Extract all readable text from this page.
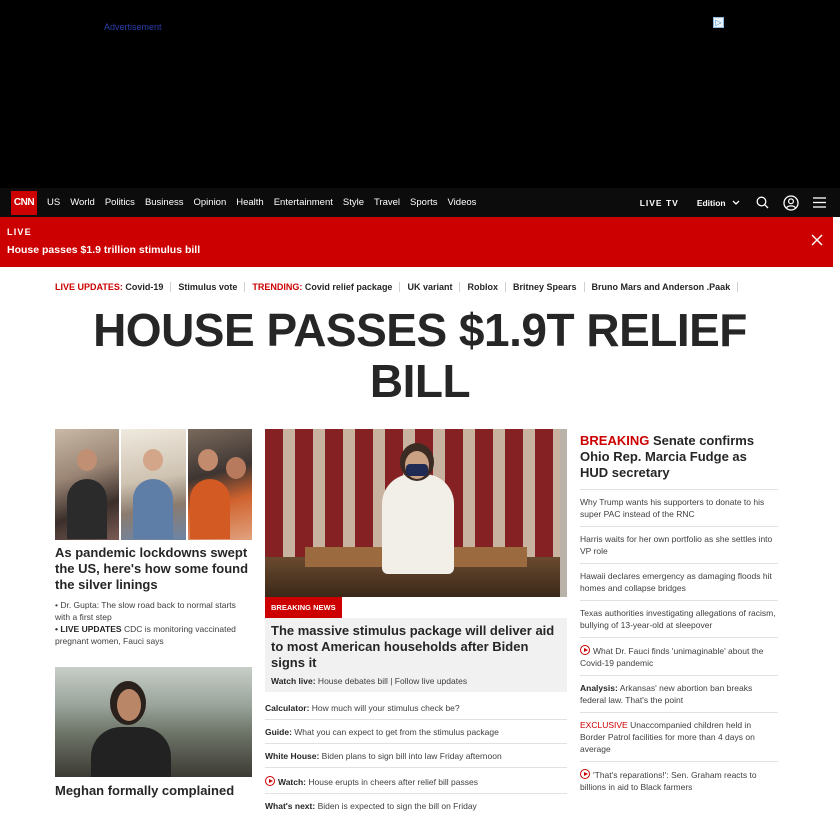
Advertisement	▷
CNN	US World Politics Business Opinion Health Entertainment Style Travel Sports Videos	LIVE TV Edition
LIVE
House passes $1.9 trillion stimulus bill
LIVE UPDATES: Covid-19 Stimulus vote TRENDING: Covid relief package UK variant Roblox Britney Spears Bruno Mars and Anderson .Paak
HOUSE PASSES $1.9T RELIEF BILL
As pandemic lockdowns swept the US, here's how some found the silver linings
• Dr. Gupta: The slow road back to normal starts with a first step
• LIVE UPDATES CDC is monitoring vaccinated pregnant women, Fauci says
Meghan formally complained
BREAKING NEWS
The massive stimulus package will deliver aid to most American households after Biden signs it
Watch live: House debates bill | Follow live updates
Calculator: How much will your stimulus check be?
Guide: What you can expect to get from the stimulus package
White House: Biden plans to sign bill into law Friday afternoon
Watch: House erupts in cheers after relief bill passes
What's next: Biden is expected to sign the bill on Friday
BREAKING Senate confirms Ohio Rep. Marcia Fudge as HUD secretary
Why Trump wants his supporters to donate to his super PAC instead of the RNC
Harris waits for her own portfolio as she settles into VP role
Hawaii declares emergency as damaging floods hit homes and collapse bridges
Texas authorities investigating allegations of racism, bullying of 13-year-old at sleepover
What Dr. Fauci finds 'unimaginable' about the Covid-19 pandemic
Analysis: Arkansas' new abortion ban breaks federal law. That's the point
EXCLUSIVE Unaccompanied children held in Border Patrol facilities for more than 4 days on average
'That's reparations!': Sen. Graham reacts to billions in aid to Black farmers
